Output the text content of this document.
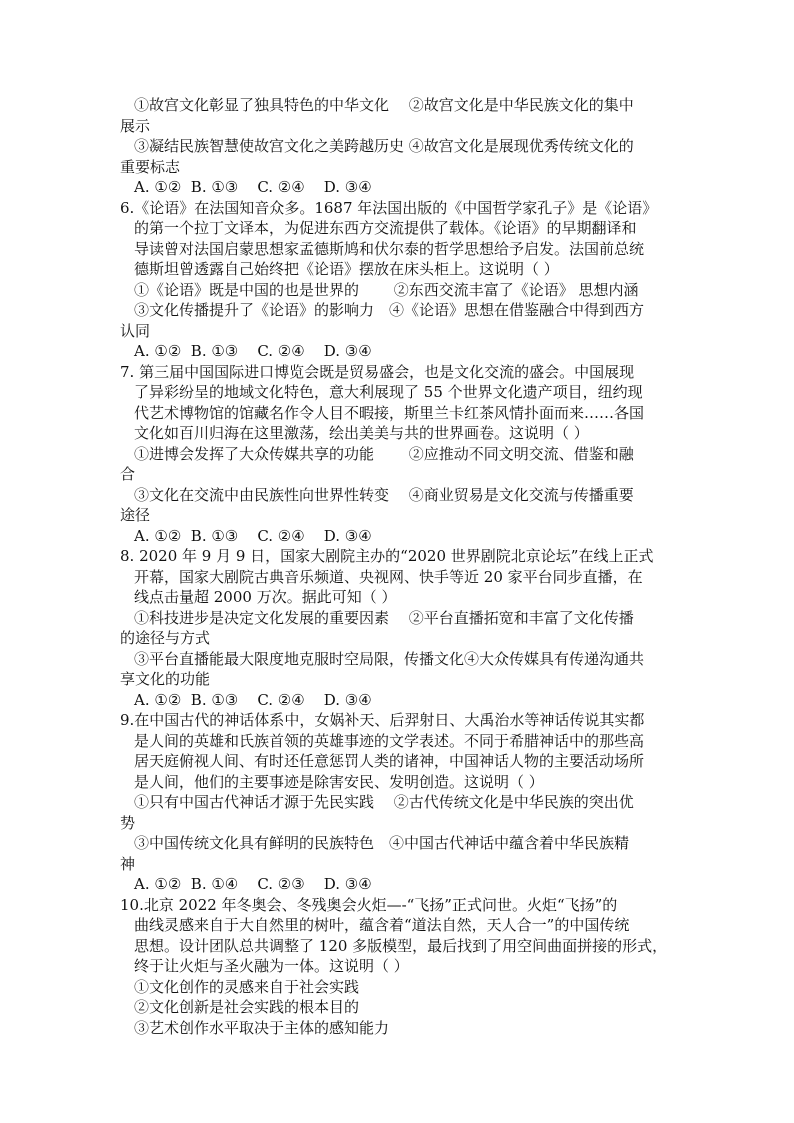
①故宫文化彰显了独具特色的中华文化　 ②故宫文化是中华民族文化的集中
展示
③凝结民族智慧使故宫文化之美跨越历史 ④故宫文化是展现优秀传统文化的
重要标志
A. ①②  B. ①③    C. ②④    D. ③④
6.《论语》在法国知音众多。1687 年法国出版的《中国哲学家孔子》是《论语》
的第一个拉丁文译本，为促进东西方交流提供了载体。《论语》的早期翻译和
导读曾对法国启蒙思想家孟德斯鸠和伏尔泰的哲学思想给予启发。法国前总统
德斯坦曾透露自己始终把《论语》摆放在床头柜上。这说明（ ）
①《论语》既是中国的也是世界的　　 ②东西交流丰富了《论语》 思想内涵
③文化传播提升了《论语》的影响力　④《论语》思想在借鉴融合中得到西方
认同
A. ①②  B. ①③    C. ②④    D. ③④
7. 第三届中国国际进口博览会既是贸易盛会，也是文化交流的盛会。中国展现
了异彩纷呈的地域文化特色，意大利展现了 55 个世界文化遗产项目，纽约现
代艺术博物馆的馆藏名作令人目不暇接，斯里兰卡红茶风情扑面而来……各国
文化如百川归海在这里激荡，绘出美美与共的世界画卷。这说明（ ）
①进博会发挥了大众传媒共享的功能　　 ②应推动不同文明交流、借鉴和融
合
③文化在交流中由民族性向世界性转变　 ④商业贸易是文化交流与传播重要
途径
A. ①②  B. ①③    C. ②④    D. ③④
8. 2020 年 9 月 9 日，国家大剧院主办的“2020 世界剧院北京论坛”在线上正式
开幕，国家大剧院古典音乐频道、央视网、快手等近 20 家平台同步直播，在
线点击量超 2000 万次。据此可知（ ）
①科技进步是决定文化发展的重要因素　 ②平台直播拓宽和丰富了文化传播
的途径与方式
③平台直播能最大限度地克服时空局限，传播文化④大众传媒具有传递沟通共
享文化的功能
A. ①②  B. ①③    C. ②④    D. ③④
9.在中国古代的神话体系中，女娲补天、后羿射日、大禹治水等神话传说其实都
是人间的英雄和氏族首领的英雄事迹的文学表述。不同于希腊神话中的那些高
居天庭俯视人间、有时还任意惩罚人类的诸神，中国神话人物的主要活动场所
是人间，他们的主要事迹是除害安民、发明创造。这说明（ ）
①只有中国古代神话才源于先民实践　 ②古代传统文化是中华民族的突出优
势
③中国传统文化具有鲜明的民族特色　④中国古代神话中蕴含着中华民族精
神
A. ①②  B. ①④    C. ②③    D. ③④
10.北京 2022 年冬奥会、冬残奥会火炬—-“飞扬”正式问世。火炬“飞扬”的
曲线灵感来自于大自然里的树叶，蕴含着“道法自然，天人合一”的中国传统
思想。设计团队总共调整了 120 多版模型，最后找到了用空间曲面拼接的形式，
终于让火炬与圣火融为一体。这说明（ ）
①文化创作的灵感来自于社会实践
②文化创新是社会实践的根本目的
③艺术创作水平取决于主体的感知能力
